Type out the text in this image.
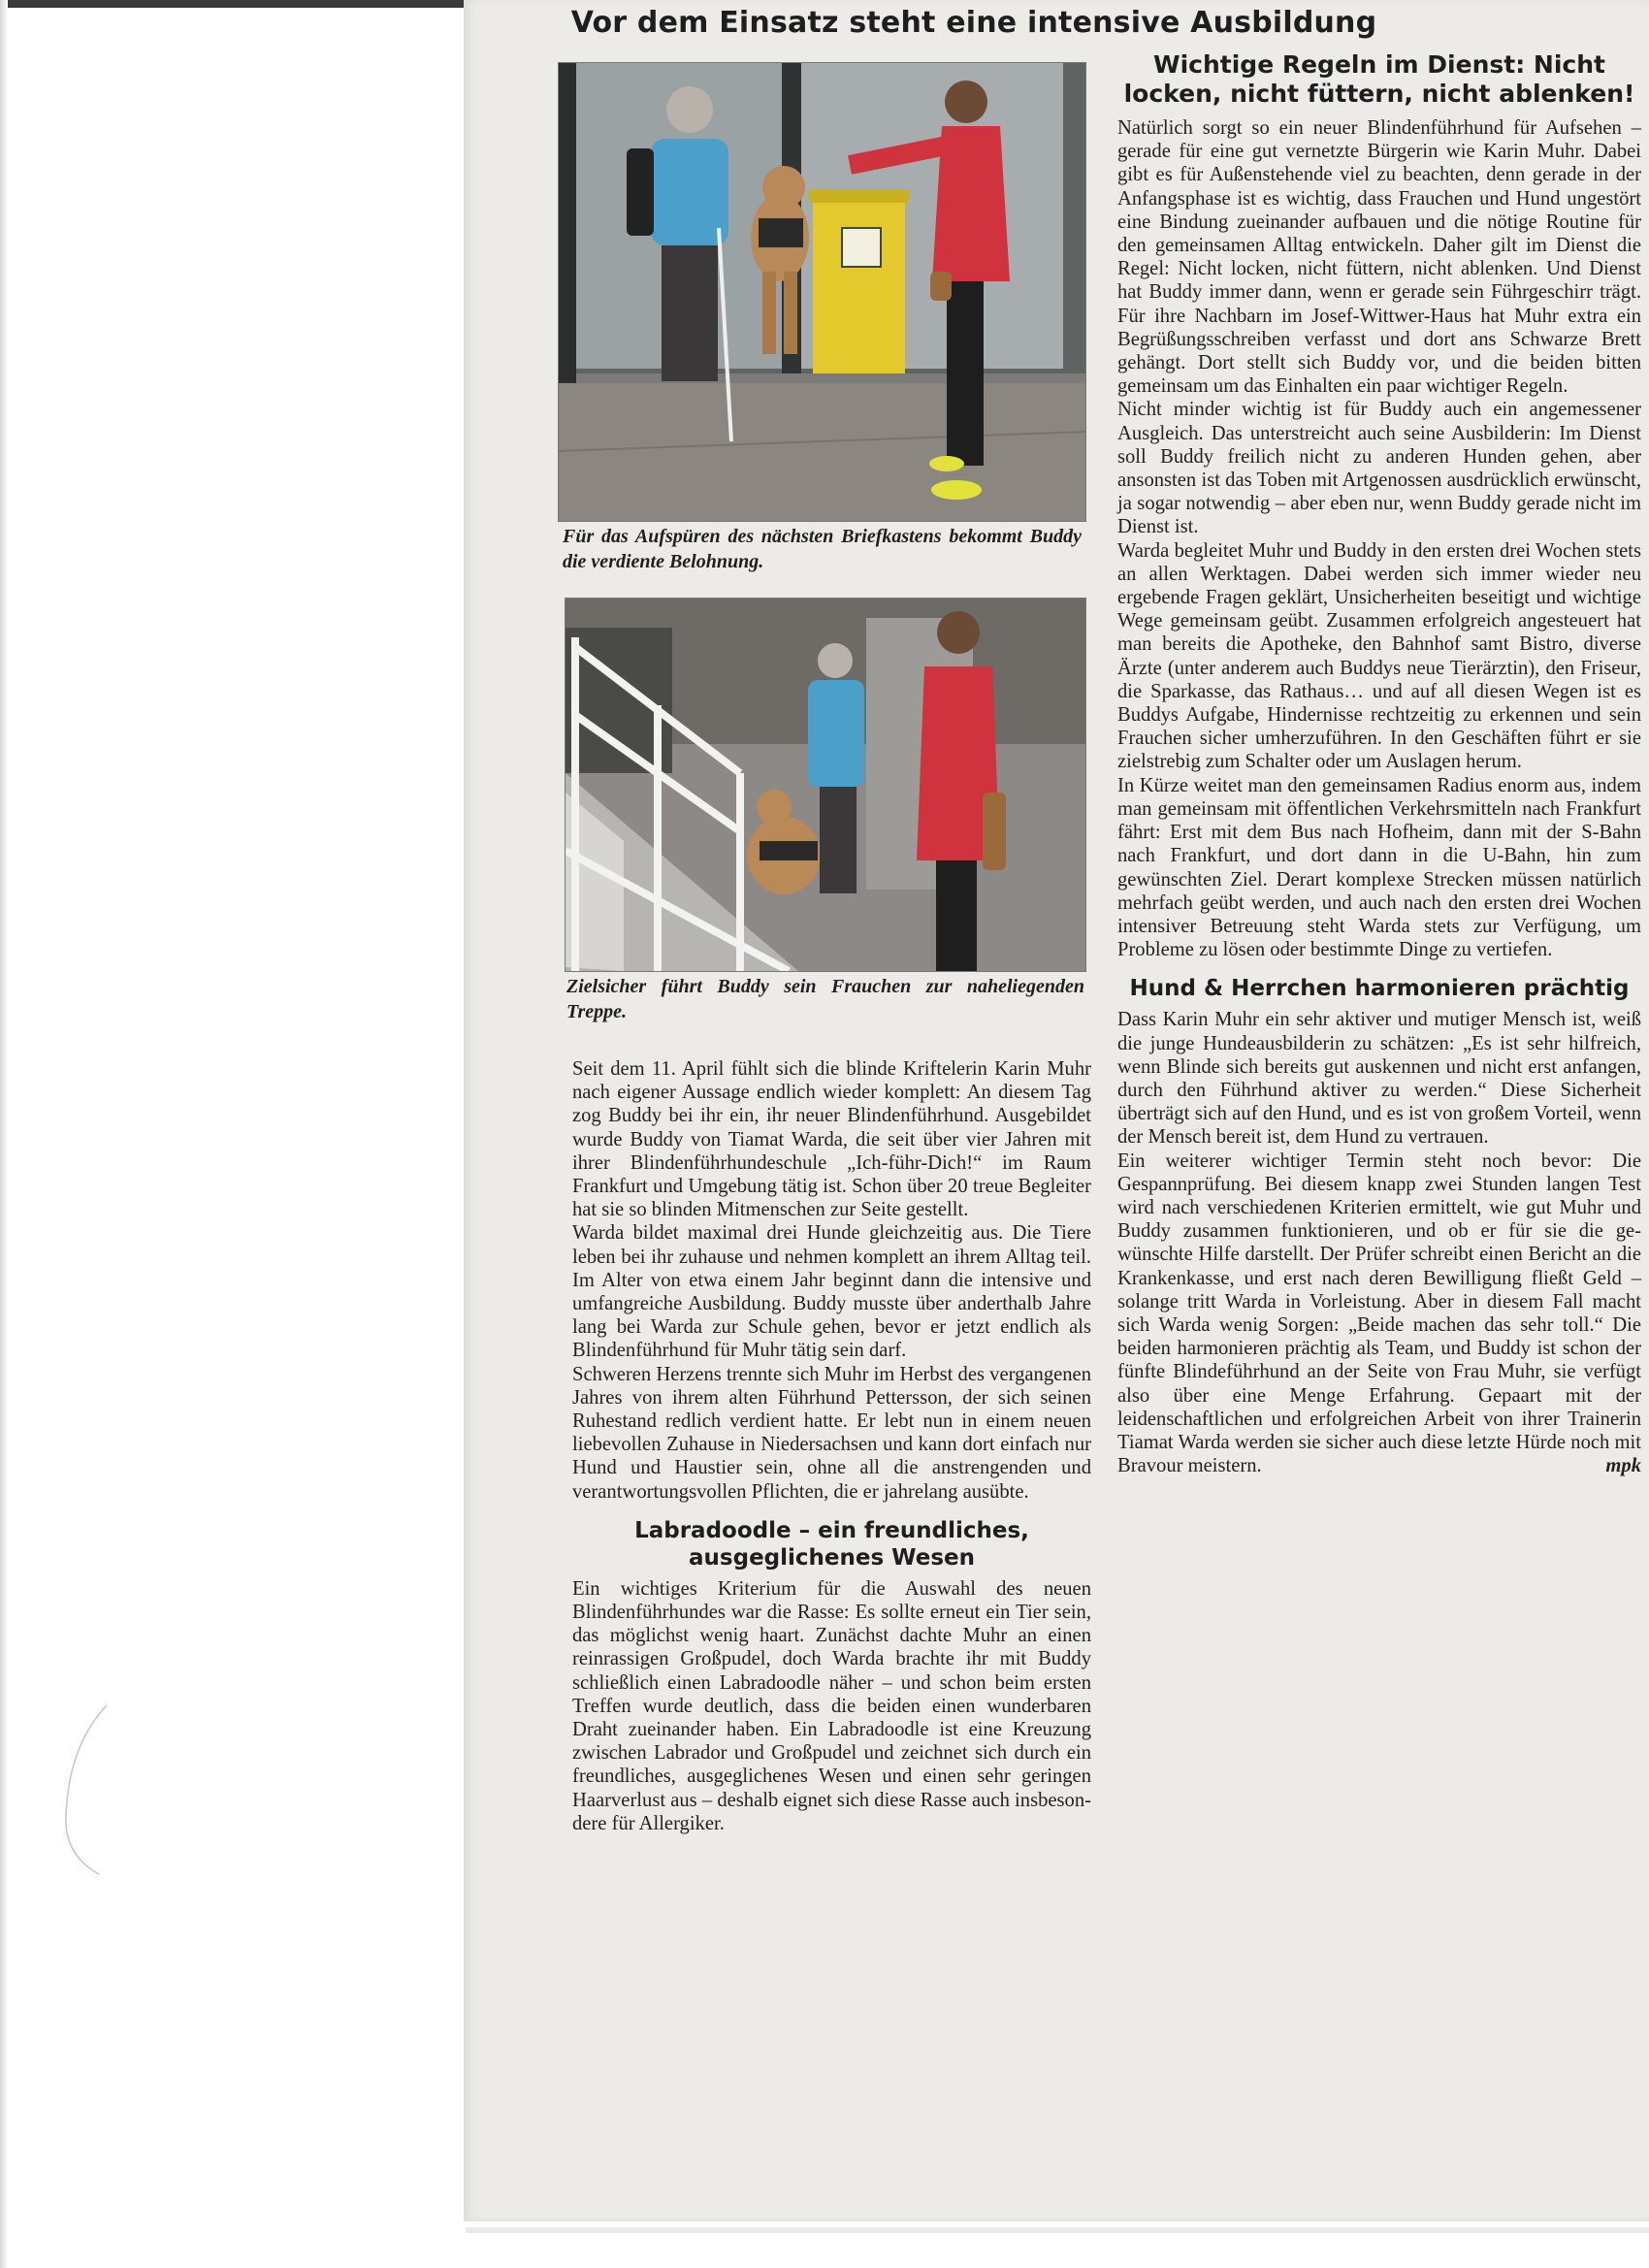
Vor dem Einsatz steht eine intensive Ausbildung
Für das Aufspüren des nächsten Briefkastens bekommt Buddy die verdiente Belohnung.
Zielsicher führt Buddy sein Frauchen zur naheliegenden Treppe.

Seit dem 11. April fühlt sich die blinde Kriftelerin Karin Muhr nach eigener Aussage endlich wieder komplett: An diesem Tag zog Buddy bei ihr ein, ihr neuer Blindenführhund. Ausgebildet wurde Buddy von Tiamat Warda, die seit über vier Jahren mit ihrer Blindenführhundeschule „Ich-führ-Dich!“ im Raum Frankfurt und Umgebung tätig ist. Schon über 20 treue Begleiter hat sie so blinden Mitmenschen zur Seite gestellt.

Warda bildet maximal drei Hunde gleichzeitig aus. Die Tiere leben bei ihr zuhause und nehmen komplett an ihrem Alltag teil. Im Alter von etwa einem Jahr beginnt dann die intensive und umfangreiche Ausbildung. Buddy musste über anderthalb Jahre lang bei Warda zur Schule gehen, bevor er jetzt endlich als Blindenführhund für Muhr tätig sein darf.

Schweren Herzens trennte sich Muhr im Herbst des vergangenen Jahres von ihrem alten Führhund Pettersson, der sich seinen Ruhestand redlich verdient hatte. Er lebt nun in einem neuen liebevollen Zuhause in Niedersachsen und kann dort einfach nur Hund und Haustier sein, ohne all die anstrengenden und verantwortungsvollen Pflichten, die er jahrelang ausübte.

Labradoodle – ein freundliches, ausgeglichenes Wesen

Ein wichtiges Kriterium für die Auswahl des neuen Blindenführhundes war die Rasse: Es sollte erneut ein Tier sein, das möglichst wenig haart. Zunächst dachte Muhr an einen reinrassigen Großpudel, doch Warda brachte ihr mit Buddy schließlich einen Labradoodle näher – und schon beim ersten Treffen wurde deutlich, dass die beiden einen wunderbaren Draht zueinander haben. Ein Labradoodle ist eine Kreuzung zwischen Labrador und Großpudel und zeichnet sich durch ein freundliches, ausgeglichenes Wesen und einen sehr geringen Haarverlust aus – deshalb eignet sich diese Rasse auch insbesondere für Allergiker.

Wichtige Regeln im Dienst: Nicht locken, nicht füttern, nicht ablenken!

Natürlich sorgt so ein neuer Blindenführhund für Aufsehen – gerade für eine gut vernetzte Bürgerin wie Karin Muhr. Dabei gibt es für Außenstehende viel zu beachten, denn gerade in der Anfangsphase ist es wichtig, dass Frauchen und Hund ungestört eine Bindung zueinander aufbauen und die nötige Routine für den gemeinsamen Alltag entwickeln. Daher gilt im Dienst die Regel: Nicht locken, nicht füttern, nicht ablenken. Und Dienst hat Buddy immer dann, wenn er gerade sein Führgeschirr trägt. Für ihre Nachbarn im Josef-Wittwer-Haus hat Muhr extra ein Begrüßungsschreiben verfasst und dort ans Schwarze Brett gehängt. Dort stellt sich Buddy vor, und die beiden bitten gemeinsam um das Einhalten ein paar wichtiger Regeln.

Nicht minder wichtig ist für Buddy auch ein angemessener Ausgleich. Das unterstreicht auch seine Ausbilderin: Im Dienst soll Buddy freilich nicht zu anderen Hunden gehen, aber ansonsten ist das Toben mit Artgenossen ausdrücklich erwünscht, ja sogar notwendig – aber eben nur, wenn Buddy gerade nicht im Dienst ist.

Warda begleitet Muhr und Buddy in den ersten drei Wochen stets an allen Werktagen. Dabei werden sich immer wieder neu ergebende Fragen geklärt, Unsicherheiten beseitigt und wichtige Wege gemeinsam geübt. Zusammen erfolgreich angesteuert hat man bereits die Apotheke, den Bahnhof samt Bistro, diverse Ärzte (unter anderem auch Buddys neue Tierärztin), den Friseur, die Sparkasse, das Rathaus… und auf all diesen Wegen ist es Buddys Aufgabe, Hindernisse rechtzeitig zu erkennen und sein Frauchen sicher umherzuführen. In den Geschäften führt er sie zielstrebig zum Schalter oder um Auslagen herum.

In Kürze weitet man den gemeinsamen Radius enorm aus, indem man gemeinsam mit öffentlichen Verkehrsmitteln nach Frankfurt fährt: Erst mit dem Bus nach Hofheim, dann mit der S-Bahn nach Frankfurt, und dort dann in die U-Bahn, hin zum gewünschten Ziel. Derart komplexe Strecken müssen natürlich mehrfach geübt werden, und auch nach den ersten drei Wochen intensiver Betreuung steht Warda stets zur Verfügung, um Probleme zu lösen oder bestimmte Dinge zu vertiefen.

Hund & Herrchen harmonieren prächtig

Dass Karin Muhr ein sehr aktiver und mutiger Mensch ist, weiß die junge Hundeausbilderin zu schätzen: „Es ist sehr hilfreich, wenn Blinde sich bereits gut auskennen und nicht erst anfangen, durch den Führhund aktiver zu werden.“ Diese Sicherheit überträgt sich auf den Hund, und es ist von großem Vorteil, wenn der Mensch bereit ist, dem Hund zu vertrauen.

Ein weiterer wichtiger Termin steht noch bevor: Die Gespannprüfung. Bei diesem knapp zwei Stunden langen Test wird nach verschiedenen Kriterien ermittelt, wie gut Muhr und Buddy zusammen funktionieren, und ob er für sie die gewünschte Hilfe darstellt. Der Prüfer schreibt einen Bericht an die Krankenkasse, und erst nach deren Bewilligung fließt Geld – solange tritt Warda in Vorleistung. Aber in diesem Fall macht sich Warda wenig Sorgen: „Beide machen das sehr toll.“ Die beiden harmonieren prächtig als Team, und Buddy ist schon der fünfte Blindeführhund an der Seite von Frau Muhr, sie verfügt also über eine Menge Erfahrung. Gepaart mit der leidenschaftlichen und erfolgreichen Arbeit von ihrer Trainerin Tiamat Warda werden sie sicher auch diese letzte Hürde noch mit Bravour meistern.	mpk
